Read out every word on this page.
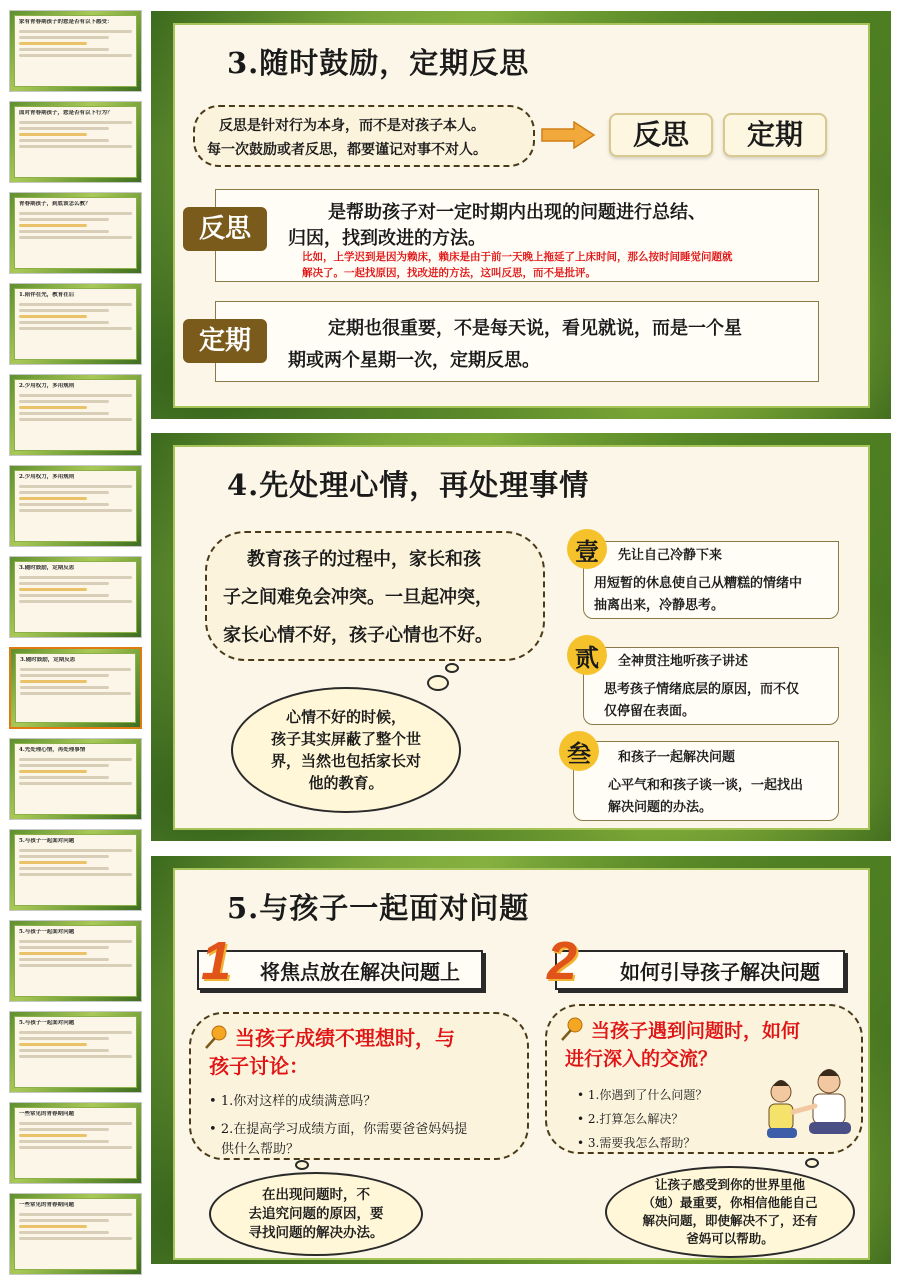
家有青春期孩子的您是否有以下感受：
面对青春期孩子，您是否有以下行为？
青春期孩子，到底该怎么教？
1.陪伴在先，教育在后
2.少用权力，多用规则
2.少用权力，多用规则
3.随时鼓励，定期反思
3.随时鼓励，定期反思
4.先处理心情，再处理事情
5.与孩子一起面对问题
5.与孩子一起面对问题
5.与孩子一起面对问题
一些常见的青春期问题
一些常见的青春期问题
3.随时鼓励，定期反思
反思是针对行为本身，而不是对孩子本人。
每一次鼓励或者反思，都要谨记对事不对人。	反思	定期
是帮助孩子对一定时期内出现的问题进行总结、
归因，找到改进的方法。
比如，上学迟到是因为赖床，赖床是由于前一天晚上拖延了上床时间，那么按时间睡觉问题就
解决了。一起找原因，找改进的方法，这叫反思，而不是批评。
反思
定期也很重要，不是每天说，看见就说，而是一个星
期或两个星期一次，定期反思。
定期
4.先处理心情，再处理事情
教育孩子的过程中，家长和孩
子之间难免会冲突。一旦起冲突，
家长心情不好，孩子心情也不好。
心情不好的时候，
孩子其实屏蔽了整个世
界，当然也包括家长对
他的教育。
先让自己冷静下来
用短暂的休息使自己从糟糕的情绪中
抽离出来，冷静思考。
壹
全神贯注地听孩子讲述
思考孩子情绪底层的原因，而不仅
仅停留在表面。
贰
和孩子一起解决问题
心平气和和孩子谈一谈，一起找出
解决问题的办法。
叁
5.与孩子一起面对问题
将焦点放在解决问题上
1	如何引导孩子解决问题
2
当孩子成绩不理想时，与
孩子讨论：
• 1.你对这样的成绩满意吗？
• 2.在提高学习成绩方面，你需要爸爸妈妈提
供什么帮助？
当孩子遇到问题时，如何
进行深入的交流？
• 1.你遇到了什么问题？
• 2.打算怎么解决？
• 3.需要我怎么帮助？
在出现问题时，不
去追究问题的原因，要
寻找问题的解决办法。
让孩子感受到你的世界里他
（她）最重要，你相信他能自己
解决问题，即使解决不了，还有
爸妈可以帮助。
